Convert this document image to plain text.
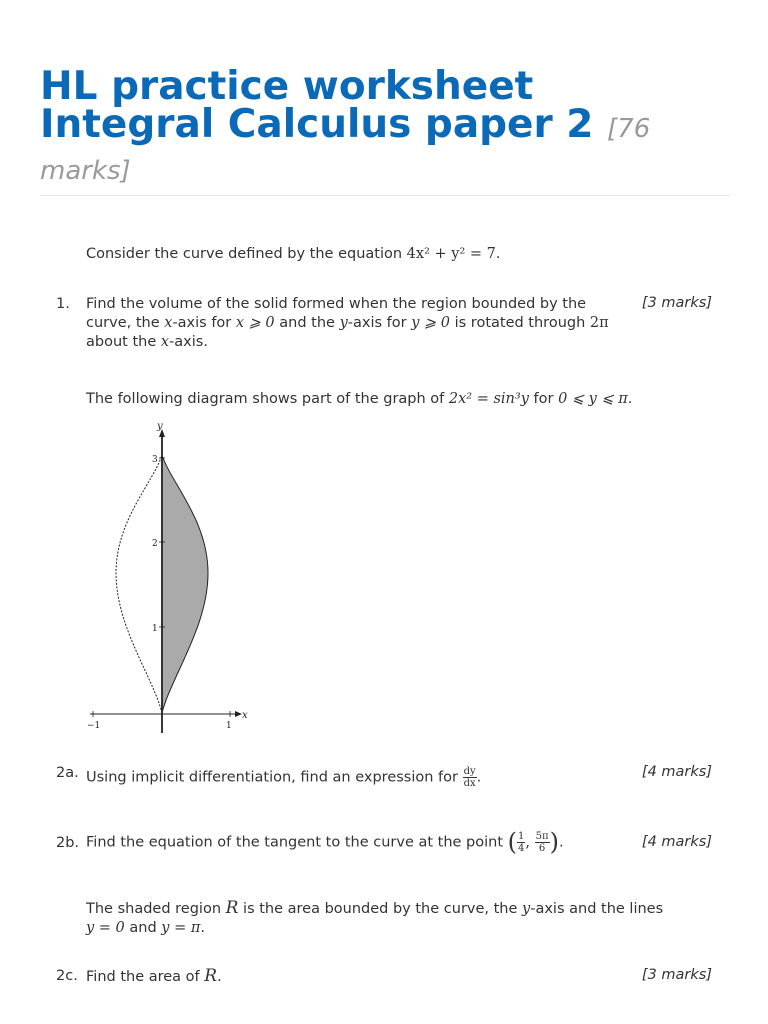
HL practice worksheet
Integral Calculus paper 2 [76 marks]
Consider the curve defined by the equation 4x² + y² = 7.
1.	[3 marks]
Find the volume of the solid formed when the region bounded by the
curve, the x-axis for x ⩾ 0 and the y-axis for y ⩾ 0 is rotated through 2π
about the x-axis.
The following diagram shows part of the graph of 2x² = sin³y for 0 ⩽ y ⩽ π.
y
x
1
2
3
−1	1
2a.	[4 marks]
Using implicit differentiation, find an expression for $\frac{dy}{dx}$ .
2b.	[4 marks]
Find the equation of the tangent to the curve at the point ( $\frac{1}{4}$ , $\frac{5\pi}{6}$ ).
The shaded region R is the area bounded by the curve, the y-axis and the lines
y = 0 and y = π.
2c.	[3 marks]
Find the area of R.
